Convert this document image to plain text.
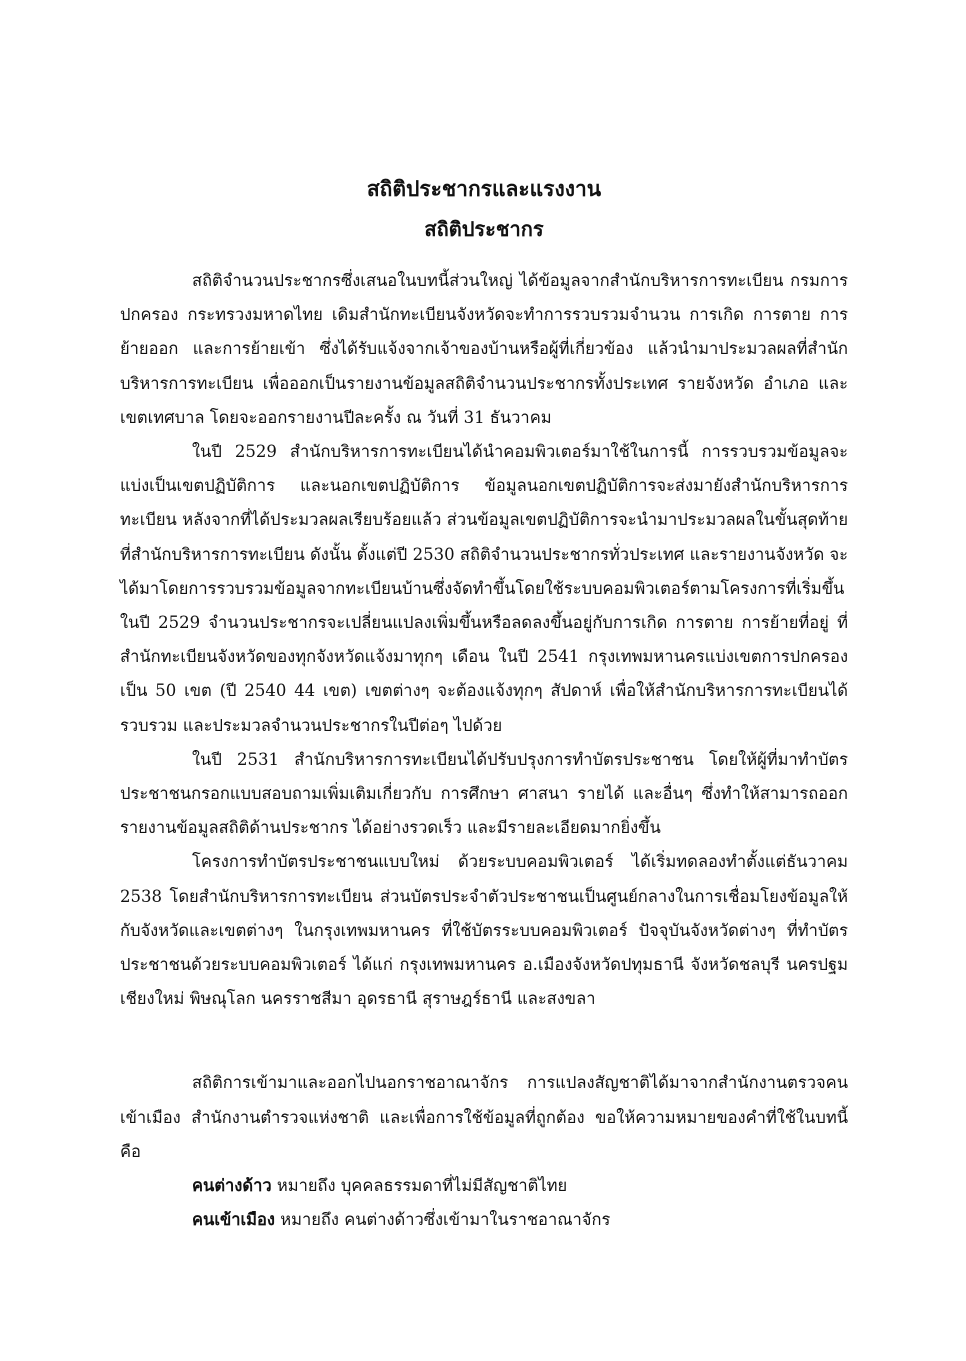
สถิติประชากรและแรงงาน
สถิติประชากร

สถิติจำนวนประชากรซึ่งเสนอในบทนี้ส่วนใหญ่ ได้ข้อมูลจากสำนักบริหารการทะเบียน กรมการปกครอง กระทรวงมหาดไทย เดิมสำนักทะเบียนจังหวัดจะทำการรวบรวมจำนวน การเกิด การตาย การย้ายออก และการย้ายเข้า ซึ่งได้รับแจ้งจากเจ้าของบ้านหรือผู้ที่เกี่ยวข้อง แล้วนำมาประมวลผลที่สำนักบริหารการทะเบียน เพื่อออกเป็นรายงานข้อมูลสถิติจำนวนประชากรทั้งประเทศ รายจังหวัด อำเภอ และเขตเทศบาล โดยจะออกรายงานปีละครั้ง ณ วันที่ 31 ธันวาคม

ในปี 2529 สำนักบริหารการทะเบียนได้นำคอมพิวเตอร์มาใช้ในการนี้ การรวบรวมข้อมูลจะแบ่งเป็นเขตปฏิบัติการ และนอกเขตปฏิบัติการ ข้อมูลนอกเขตปฏิบัติการจะส่งมายังสำนักบริหารการทะเบียน หลังจากที่ได้ประมวลผลเรียบร้อยแล้ว ส่วนข้อมูลเขตปฏิบัติการจะนำมาประมวลผลในขั้นสุดท้ายที่สำนักบริหารการทะเบียน ดังนั้น ตั้งแต่ปี 2530 สถิติจำนวนประชากรทั่วประเทศ และรายงานจังหวัด จะได้มาโดยการรวบรวมข้อมูลจากทะเบียนบ้านซึ่งจัดทำขึ้นโดยใช้ระบบคอมพิวเตอร์ตามโครงการที่เริ่มขึ้นในปี 2529 จำนวนประชากรจะเปลี่ยนแปลงเพิ่มขึ้นหรือลดลงขึ้นอยู่กับการเกิด การตาย การย้ายที่อยู่ ที่สำนักทะเบียนจังหวัดของทุกจังหวัดแจ้งมาทุกๆ เดือน ในปี 2541 กรุงเทพมหานครแบ่งเขตการปกครองเป็น 50 เขต (ปี 2540 44 เขต) เขตต่างๆ จะต้องแจ้งทุกๆ สัปดาห์ เพื่อให้สำนักบริหารการทะเบียนได้รวบรวม และประมวลจำนวนประชากรในปีต่อๆ ไปด้วย

ในปี 2531 สำนักบริหารการทะเบียนได้ปรับปรุงการทำบัตรประชาชน โดยให้ผู้ที่มาทำบัตรประชาชนกรอกแบบสอบถามเพิ่มเติมเกี่ยวกับ การศึกษา ศาสนา รายได้ และอื่นๆ ซึ่งทำให้สามารถออกรายงานข้อมูลสถิติด้านประชากร ได้อย่างรวดเร็ว และมีรายละเอียดมากยิ่งขึ้น

โครงการทำบัตรประชาชนแบบใหม่ ด้วยระบบคอมพิวเตอร์ ได้เริ่มทดลองทำตั้งแต่ธันวาคม 2538 โดยสำนักบริหารการทะเบียน ส่วนบัตรประจำตัวประชาชนเป็นศูนย์กลางในการเชื่อมโยงข้อมูลให้กับจังหวัดและเขตต่างๆ ในกรุงเทพมหานคร ที่ใช้บัตรระบบคอมพิวเตอร์ ปัจจุบันจังหวัดต่างๆ ที่ทำบัตรประชาชนด้วยระบบคอมพิวเตอร์ ได้แก่ กรุงเทพมหานคร อ.เมืองจังหวัดปทุมธานี จังหวัดชลบุรี นครปฐม เชียงใหม่ พิษณุโลก นครราชสีมา อุดรธานี สุราษฎร์ธานี และสงขลา

สถิติการเข้ามาและออกไปนอกราชอาณาจักร การแปลงสัญชาติได้มาจากสำนักงานตรวจคนเข้าเมือง สำนักงานตำรวจแห่งชาติ และเพื่อการใช้ข้อมูลที่ถูกต้อง ขอให้ความหมายของคำที่ใช้ในบทนี้คือ

คนต่างด้าว หมายถึง บุคคลธรรมดาที่ไม่มีสัญชาติไทย

คนเข้าเมือง หมายถึง คนต่างด้าวซึ่งเข้ามาในราชอาณาจักร
